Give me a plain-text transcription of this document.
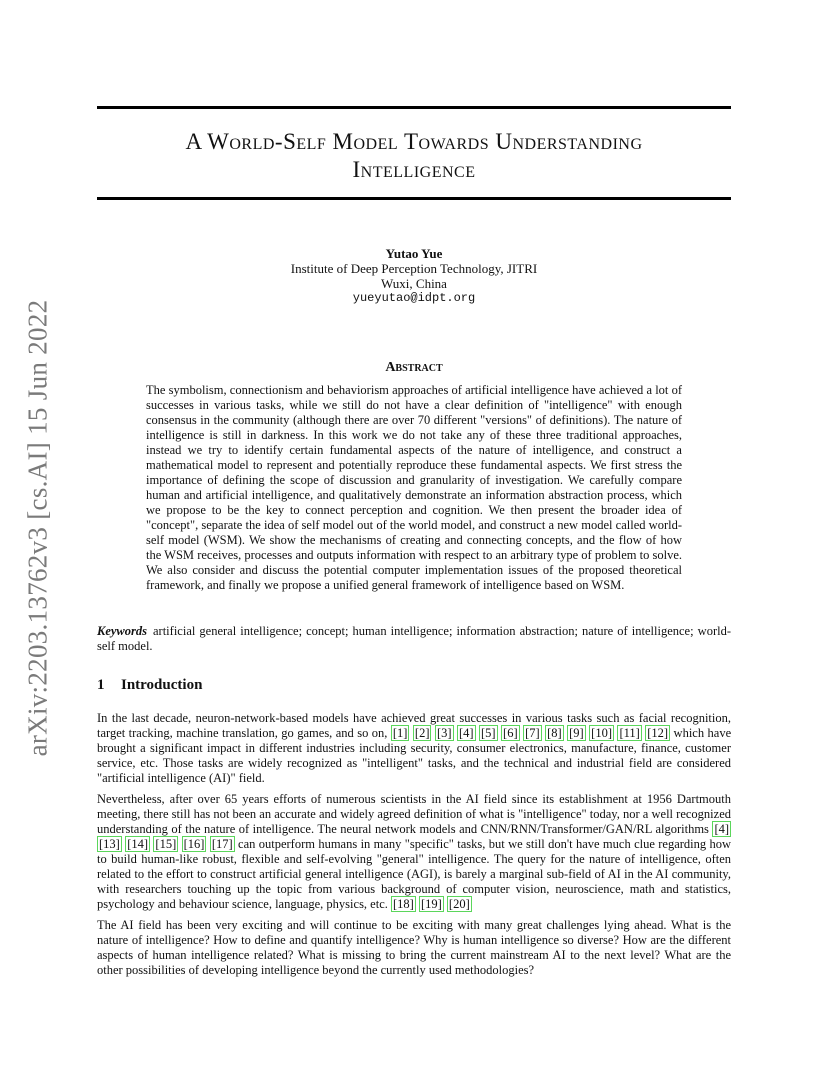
arXiv:2203.13762v3 [cs.AI] 15 Jun 2022
A World-Self Model Towards Understanding
Intelligence
Yutao Yue
Institute of Deep Perception Technology, JITRI
Wuxi, China
yueyutao@idpt.org
Abstract
The symbolism, connectionism and behaviorism approaches of artificial intelligence have achieved a lot of successes in various tasks, while we still do not have a clear definition of "intelligence" with enough consensus in the community (although there are over 70 different "versions" of definitions). The nature of intelligence is still in darkness. In this work we do not take any of these three traditional approaches, instead we try to identify certain fundamental aspects of the nature of intelligence, and construct a mathematical model to represent and potentially reproduce these fundamental aspects. We first stress the importance of defining the scope of discussion and granularity of investigation. We carefully compare human and artificial intelligence, and qualitatively demonstrate an information abstraction process, which we propose to be the key to connect perception and cognition. We then present the broader idea of "concept", separate the idea of self model out of the world model, and construct a new model called world-self model (WSM). We show the mechanisms of creating and connecting concepts, and the flow of how the WSM receives, processes and outputs information with respect to an arbitrary type of problem to solve. We also consider and discuss the potential computer implementation issues of the proposed theoretical framework, and finally we propose a unified general framework of intelligence based on WSM.
Keywords artificial general intelligence; concept; human intelligence; information abstraction; nature of intelligence; world-self model.
1 Introduction

In the last decade, neuron-network-based models have achieved great successes in various tasks such as facial recognition, target tracking, machine translation, go games, and so on, [1] [2] [3] [4] [5] [6] [7] [8] [9] [10] [11] [12] which have brought a significant impact in different industries including security, consumer electronics, manufacture, finance, customer service, etc. Those tasks are widely recognized as "intelligent" tasks, and the technical and industrial field are considered "artificial intelligence (AI)" field.

Nevertheless, after over 65 years efforts of numerous scientists in the AI field since its establishment at 1956 Dartmouth meeting, there still has not been an accurate and widely agreed definition of what is "intelligence" today, nor a well recognized understanding of the nature of intelligence. The neural network models and CNN/RNN/Transformer/GAN/RL algorithms [4] [13] [14] [15] [16] [17] can outperform humans in many "specific" tasks, but we still don't have much clue regarding how to build human-like robust, flexible and self-evolving "general" intelligence. The query for the nature of intelligence, often related to the effort to construct artificial general intelligence (AGI), is barely a marginal sub-field of AI in the AI community, with researchers touching up the topic from various background of computer vision, neuroscience, math and statistics, psychology and behaviour science, language, physics, etc. [18] [19] [20]

The AI field has been very exciting and will continue to be exciting with many great challenges lying ahead. What is the nature of intelligence? How to define and quantify intelligence? Why is human intelligence so diverse? How are the different aspects of human intelligence related? What is missing to bring the current mainstream AI to the next level? What are the other possibilities of developing intelligence beyond the currently used methodologies?
